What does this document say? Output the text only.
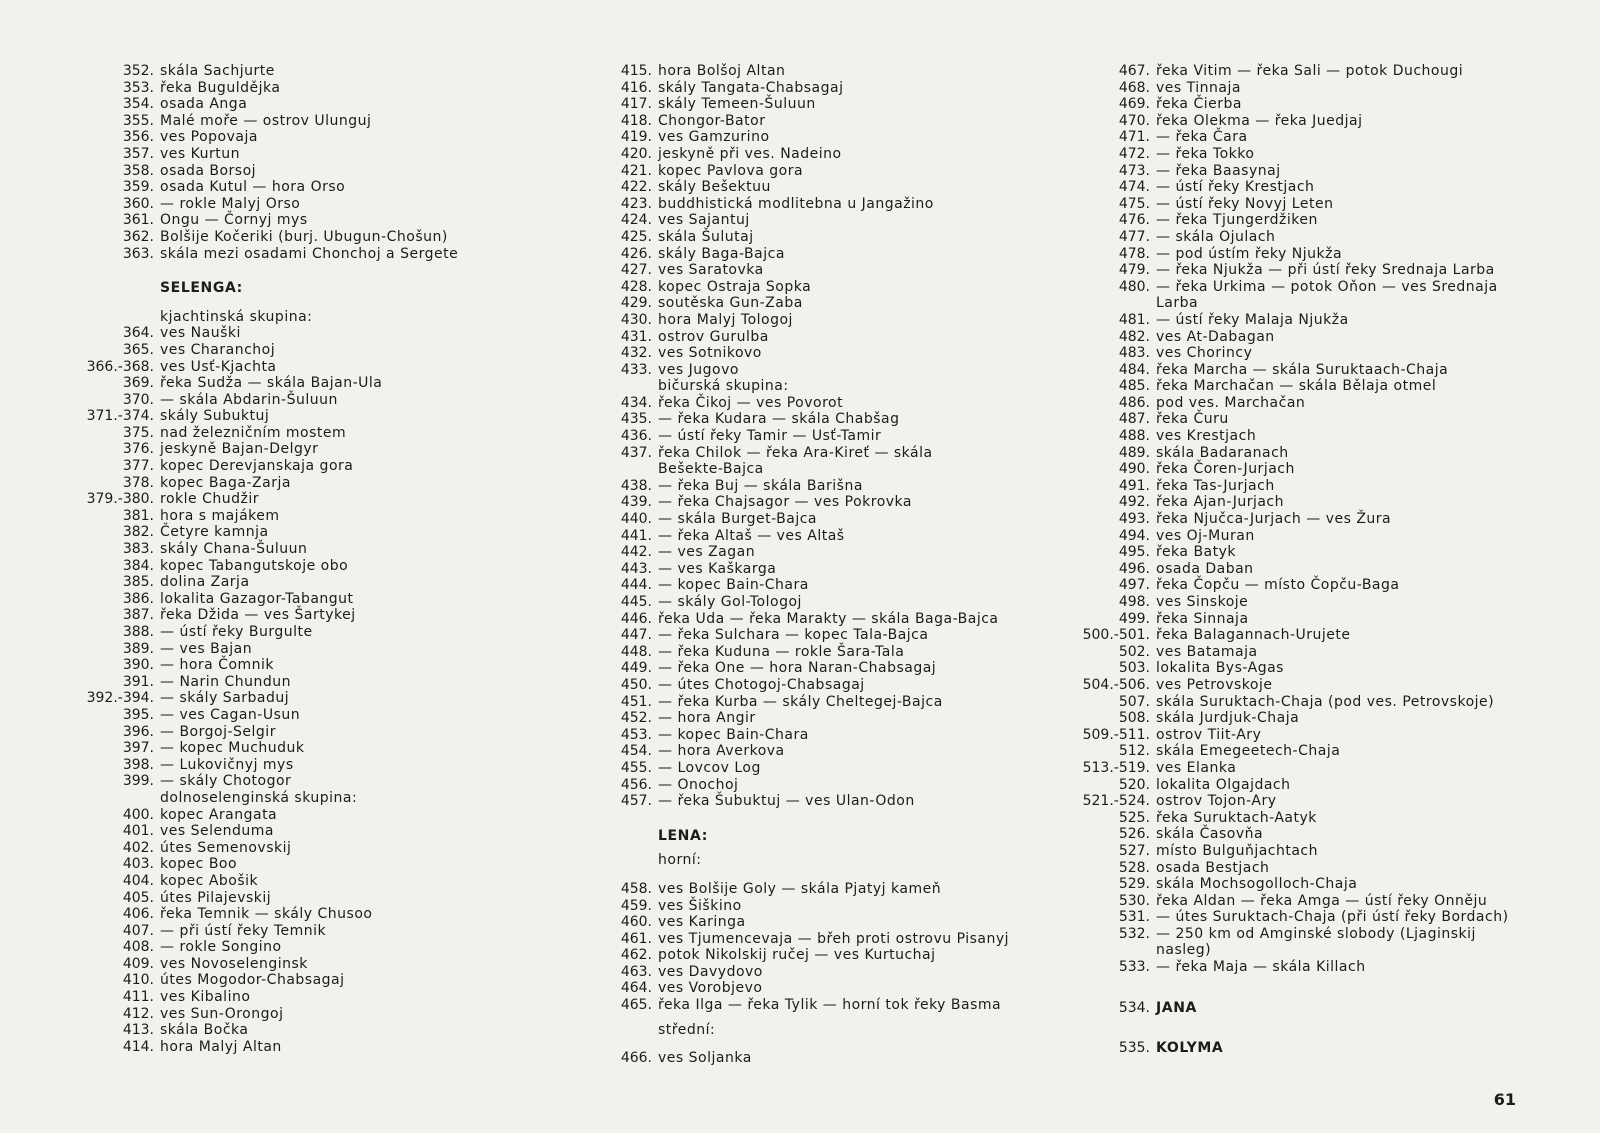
352. skála Sachjurte
353. řeka Buguldějka
354. osada Anga
355. Malé moře — ostrov Ulunguj
356. ves Popovaja
357. ves Kurtun
358. osada Borsoj
359. osada Kutul — hora Orso
360. — rokle Malyj Orso
361. Ongu — Čornyj mys
362. Bolšije Kočeriki (burj. Ubugun-Chošun)
363. skála mezi osadami Chonchoj a Sergete
SELENGA:
kjachtinská skupina:
364. ves Nauški
365. ves Charanchoj
366.-368. ves Usť-Kjachta
369. řeka Sudža — skála Bajan-Ula
370. — skála Abdarin-Šuluun
371.-374. skály Subuktuj
375. nad železničním mostem
376. jeskyně Bajan-Delgyr
377. kopec Derevjanskaja gora
378. kopec Baga-Zarja
379.-380. rokle Chudžir
381. hora s majákem
382. Četyre kamnja
383. skály Chana-Šuluun
384. kopec Tabangutskoje obo
385. dolina Zarja
386. lokalita Gazagor-Tabangut
387. řeka Džida — ves Šartykej
388. — ústí řeky Burgulte
389. — ves Bajan
390. — hora Čomnik
391. — Narin Chundun
392.-394. — skály Sarbaduj
395. — ves Cagan-Usun
396. — Borgoj-Selgir
397. — kopec Muchuduk
398. — Lukovičnyj mys
399. — skály Chotogor
dolnoselenginská skupina:
400. kopec Arangata
401. ves Selenduma
402. útes Semenovskij
403. kopec Boo
404. kopec Abošik
405. útes Pilajevskij
406. řeka Temnik — skály Chusoo
407. — při ústí řeky Temnik
408. — rokle Songino
409. ves Novoselenginsk
410. útes Mogodor-Chabsagaj
411. ves Kibalino
412. ves Sun-Orongoj
413. skála Bočka
414. hora Malyj Altan
415. hora Bolšoj Altan
416. skály Tangata-Chabsagaj
417. skály Temeen-Šuluun
418. Chongor-Bator
419. ves Gamzurino
420. jeskyně při ves. Nadeino
421. kopec Pavlova gora
422. skály Bešektuu
423. buddhistická modlitebna u Jangažino
424. ves Sajantuj
425. skála Šulutaj
426. skály Baga-Bajca
427. ves Saratovka
428. kopec Ostraja Sopka
429. soutěska Gun-Zaba
430. hora Malyj Tologoj
431. ostrov Gurulba
432. ves Sotnikovo
433. ves Jugovo
bičurská skupina:
434. řeka Čikoj — ves Povorot
435. — řeka Kudara — skála Chabšag
436. — ústí řeky Tamir — Usť-Tamir
437. řeka Chilok — řeka Ara-Kireť — skála
Bešekte-Bajca
438. — řeka Buj — skála Barišna
439. — řeka Chajsagor — ves Pokrovka
440. — skála Burget-Bajca
441. — řeka Altaš — ves Altaš
442. — ves Zagan
443. — ves Kaškarga
444. — kopec Bain-Chara
445. — skály Gol-Tologoj
446. řeka Uda — řeka Marakty — skála Baga-Bajca
447. — řeka Sulchara — kopec Tala-Bajca
448. — řeka Kuduna — rokle Šara-Tala
449. — řeka One — hora Naran-Chabsagaj
450. — útes Chotogoj-Chabsagaj
451. — řeka Kurba — skály Cheltegej-Bajca
452. — hora Angir
453. — kopec Bain-Chara
454. — hora Averkova
455. — Lovcov Log
456. — Onochoj
457. — řeka Šubuktuj — ves Ulan-Odon
LENA:
horní:
458. ves Bolšije Goly — skála Pjatyj kameň
459. ves Šiškino
460. ves Karinga
461. ves Tjumencevaja — břeh proti ostrovu Pisanyj
462. potok Nikolskij ručej — ves Kurtuchaj
463. ves Davydovo
464. ves Vorobjevo
465. řeka Ilga — řeka Tylik — horní tok řeky Basma
střední:
466. ves Soljanka
467. řeka Vitim — řeka Sali — potok Duchougi
468. ves Tinnaja
469. řeka Čierba
470. řeka Olekma — řeka Juedjaj
471. — řeka Čara
472. — řeka Tokko
473. — řeka Baasynaj
474. — ústí řeky Krestjach
475. — ústí řeky Novyj Leten
476. — řeka Tjungerdžiken
477. — skála Ojulach
478. — pod ústím řeky Njukža
479. — řeka Njukža — při ústí řeky Srednaja Larba
480. — řeka Urkima — potok Oňon — ves Srednaja
Larba
481. — ústí řeky Malaja Njukža
482. ves At-Dabagan
483. ves Chorincy
484. řeka Marcha — skála Suruktaach-Chaja
485. řeka Marchačan — skála Bělaja otmel
486. pod ves. Marchačan
487. řeka Čuru
488. ves Krestjach
489. skála Badaranach
490. řeka Čoren-Jurjach
491. řeka Tas-Jurjach
492. řeka Ajan-Jurjach
493. řeka Njučca-Jurjach — ves Žura
494. ves Oj-Muran
495. řeka Batyk
496. osada Daban
497. řeka Čopču — místo Čopču-Baga
498. ves Sinskoje
499. řeka Sinnaja
500.-501. řeka Balagannach-Urujete
502. ves Batamaja
503. lokalita Bys-Agas
504.-506. ves Petrovskoje
507. skála Suruktach-Chaja (pod ves. Petrovskoje)
508. skála Jurdjuk-Chaja
509.-511. ostrov Tiit-Ary
512. skála Emegeetech-Chaja
513.-519. ves Elanka
520. lokalita Olgajdach
521.-524. ostrov Tojon-Ary
525. řeka Suruktach-Aatyk
526. skála Časovňa
527. místo Bulguňjachtach
528. osada Bestjach
529. skála Mochsogolloch-Chaja
530. řeka Aldan — řeka Amga — ústí řeky Onněju
531. — útes Suruktach-Chaja (při ústí řeky Bordach)
532. — 250 km od Amginské slobody (Ljaginskij
nasleg)
533. — řeka Maja — skála Killach
534. JANA
535. KOLYMA
61
